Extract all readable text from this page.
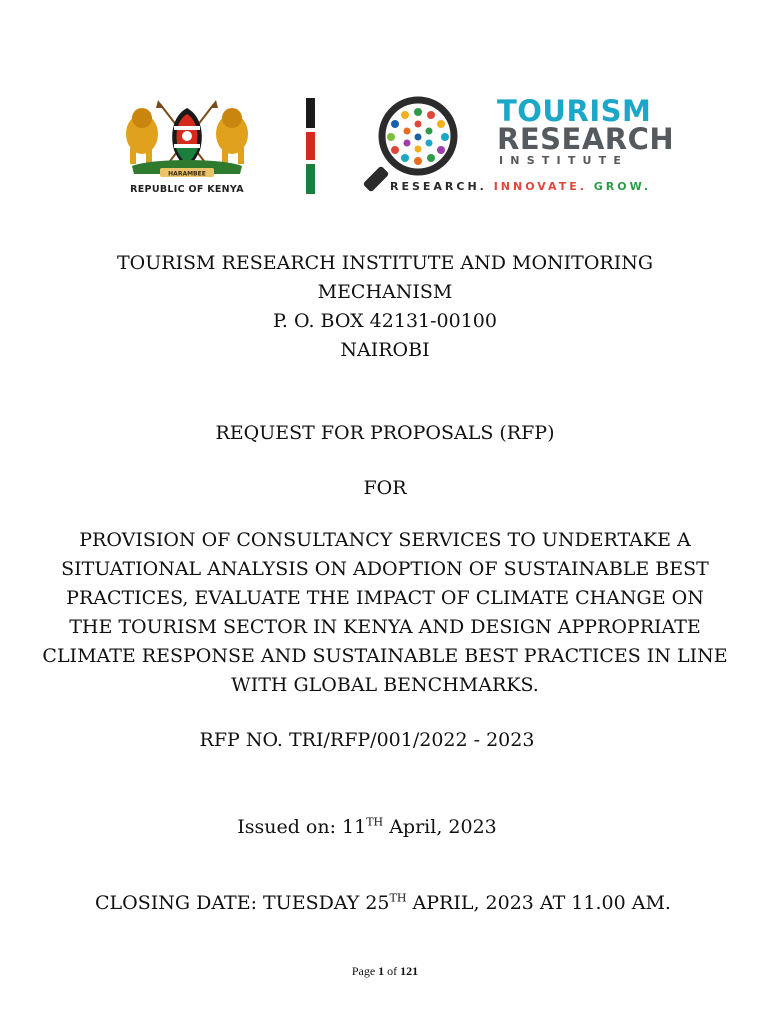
HARAMBEE
REPUBLIC OF KENYA
TOURISM
RESEARCH
INSTITUTE
RESEARCH. INNOVATE. GROW.
TOURISM RESEARCH INSTITUTE AND MONITORING
MECHANISM
P. O. BOX 42131-00100
NAIROBI
REQUEST FOR PROPOSALS (RFP)
FOR
PROVISION OF CONSULTANCY SERVICES TO UNDERTAKE A
SITUATIONAL ANALYSIS ON ADOPTION OF SUSTAINABLE BEST
PRACTICES, EVALUATE THE IMPACT OF CLIMATE CHANGE ON
THE TOURISM SECTOR IN KENYA AND DESIGN APPROPRIATE
CLIMATE RESPONSE AND SUSTAINABLE BEST PRACTICES IN LINE
WITH GLOBAL BENCHMARKS.
RFP NO. TRI/RFP/001/2022 - 2023
Issued on: 11TH April, 2023
CLOSING DATE: TUESDAY 25TH APRIL, 2023 AT 11.00 AM.
Page 1 of 121
